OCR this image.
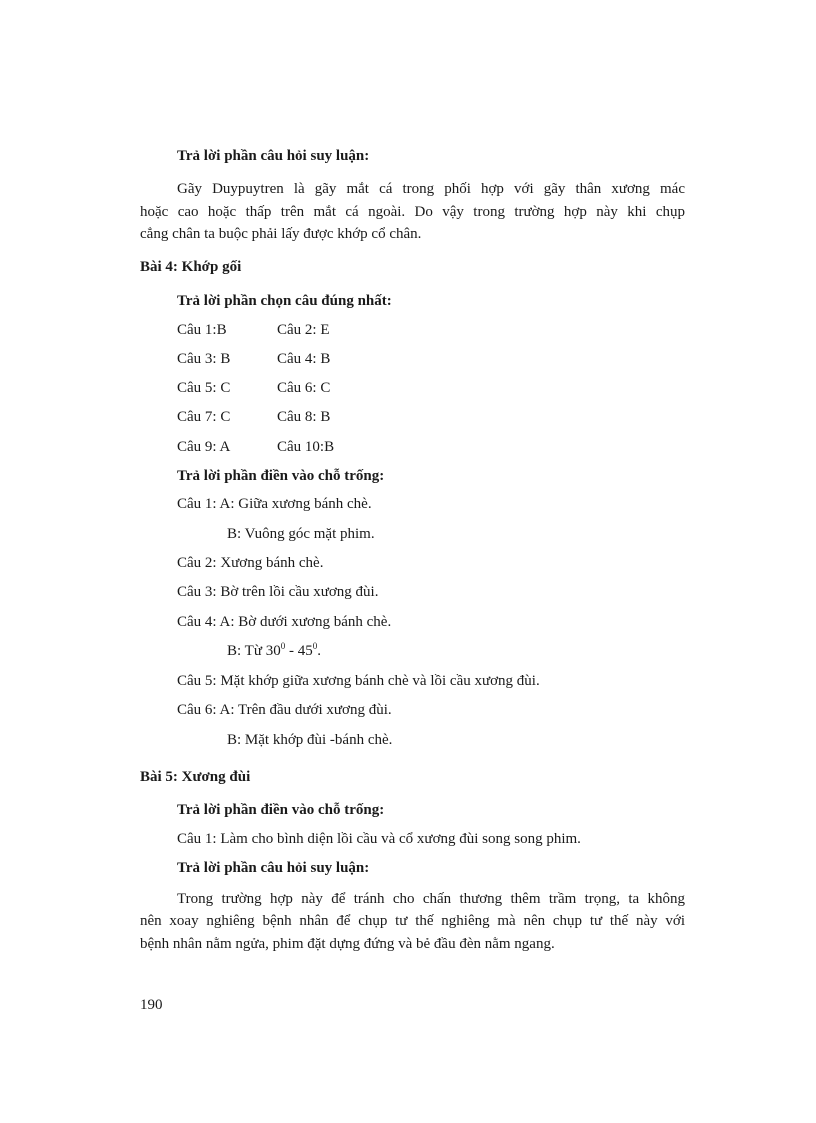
Trả lời phần câu hỏi suy luận:
Gãy Duypuytren là gãy mắt cá trong phối hợp với gãy thân xương mác
hoặc cao hoặc thấp trên mắt cá ngoài. Do vậy trong trường hợp này khi chụp
cẳng chân ta buộc phải lấy được khớp cổ chân.
Bài 4: Khớp gối
Trả lời phần chọn câu đúng nhất:
Câu 1:B	Câu 2: E
Câu 3: B	Câu 4: B
Câu 5: C	Câu 6: C
Câu 7: C	Câu 8: B
Câu 9: A	Câu 10:B
Trả lời phần điền vào chỗ trống:
Câu 1: A: Giữa xương bánh chè.
B: Vuông góc mặt phim.
Câu 2: Xương bánh chè.
Câu 3: Bờ trên lồi cầu xương đùi.
Câu 4: A: Bờ dưới xương bánh chè.
B: Từ $30^0 - 45^0$.
Câu 5: Mặt khớp giữa xương bánh chè và lồi cầu xương đùi.
Câu 6: A: Trên đầu dưới xương đùi.
B: Mặt khớp đùi -bánh chè.
Bài 5: Xương đùi
Trả lời phần điền vào chỗ trống:
Câu 1: Làm cho bình diện lồi cầu và cổ xương đùi song song phim.
Trả lời phần câu hỏi suy luận:
Trong trường hợp này để tránh cho chấn thương thêm trầm trọng, ta không
nên xoay nghiêng bệnh nhân để chụp tư thế nghiêng mà nên chụp tư thế này với
bệnh nhân nằm ngửa, phim đặt dựng đứng và bẻ đầu đèn nằm ngang.
190
